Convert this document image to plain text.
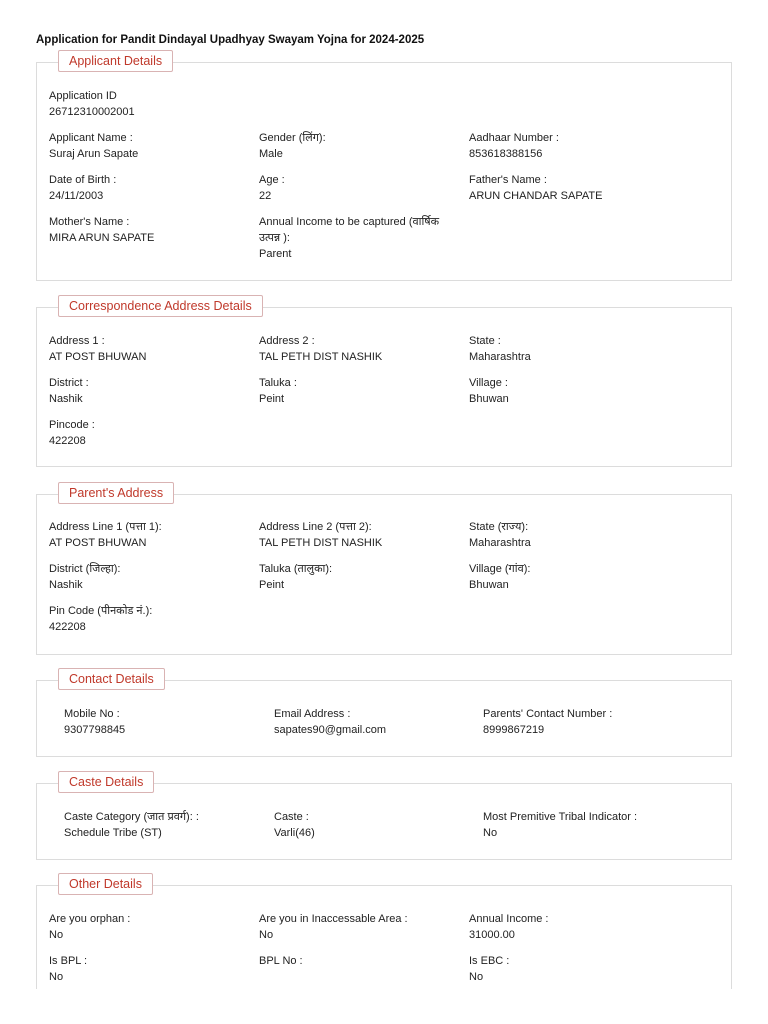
Application for Pandit Dindayal Upadhyay Swayam Yojna for 2024-2025
Applicant Details
Application ID
26712310002001
Applicant Name :
Suraj Arun Sapate
Gender (लिंग):
Male
Aadhaar Number :
853618388156
Date of Birth :
24/11/2003
Age :
22
Father's Name :
ARUN CHANDAR SAPATE
Mother's Name :
MIRA ARUN SAPATE
Annual Income to be captured (वार्षिक उत्पन्न ):
Parent
Correspondence Address Details
Address 1 :
AT POST BHUWAN
Address 2 :
TAL PETH DIST NASHIK
State :
Maharashtra
District :
Nashik
Taluka :
Peint
Village :
Bhuwan
Pincode :
422208
Parent's Address
Address Line 1 (पत्ता 1):
AT POST BHUWAN
Address Line 2 (पत्ता 2):
TAL PETH DIST NASHIK
State (राज्य):
Maharashtra
District (जिल्हा):
Nashik
Taluka (तालुका):
Peint
Village (गांव):
Bhuwan
Pin Code (पीनकोड नं.):
422208
Contact Details
Mobile No :
9307798845
Email Address :
sapates90@gmail.com
Parents' Contact Number :
8999867219
Caste Details
Caste Category (जात प्रवर्ग): :
Schedule Tribe (ST)
Caste :
Varli(46)
Most Premitive Tribal Indicator :
No
Other Details
Are you orphan :
No
Are you in Inaccessable Area :
No
Annual Income :
31000.00
Is BPL :
No
BPL No :	Is EBC :
No
